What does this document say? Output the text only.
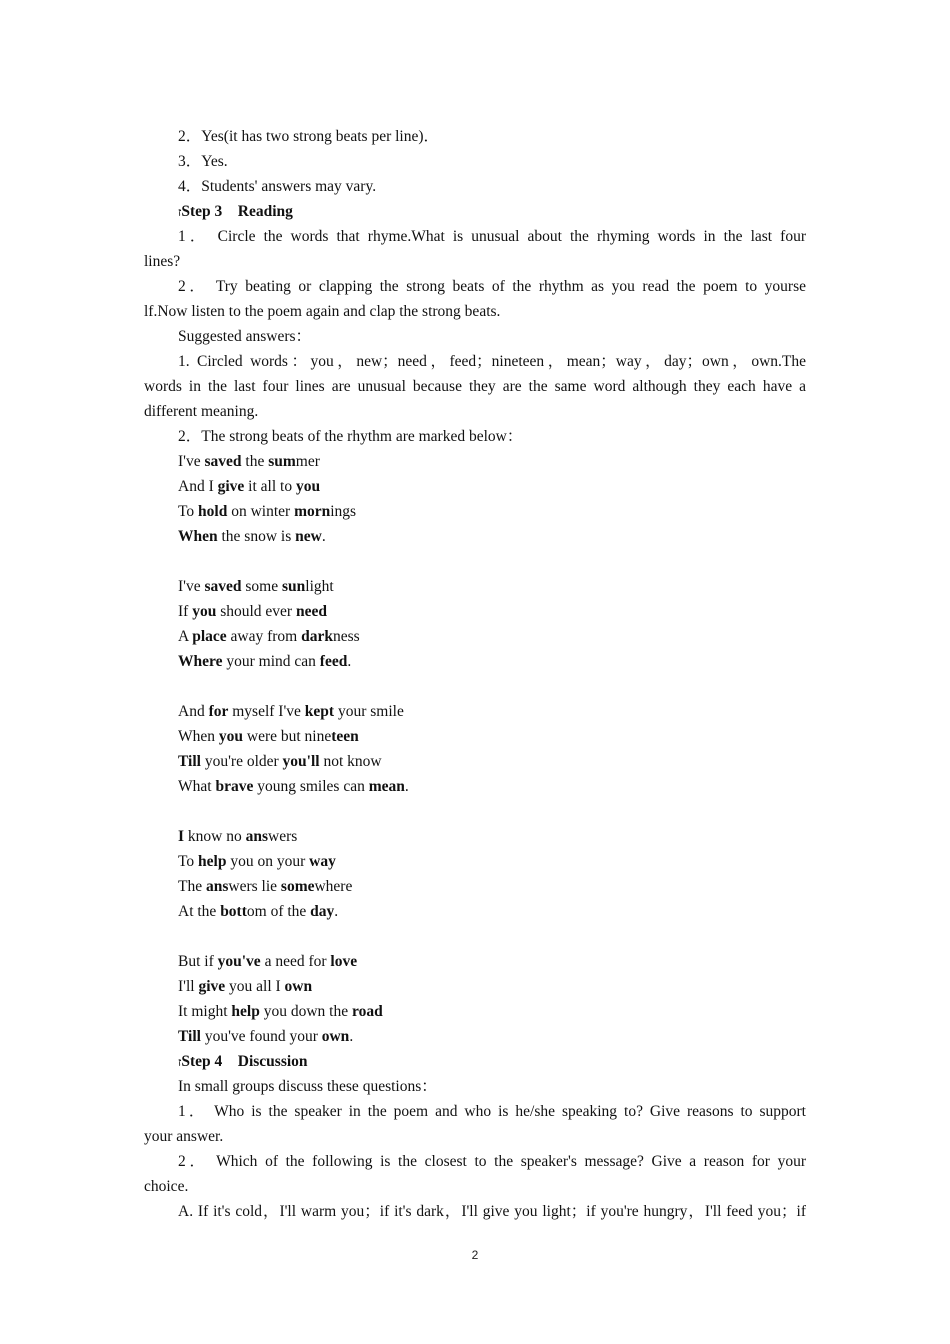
2．Yes(it has two strong beats per line)．
3．Yes.
4．Students' answers may vary.
זStep 3　Reading
1． Circle the words that rhyme.What is unusual about the rhyming words in the last four
lines?
2． Try beating or clapping the strong beats of the rhythm as you read the poem to yourse
lf.Now listen to the poem again and clap the strong beats.
Suggested answers：
1. Circled words：you，new；need，feed；nineteen，mean；way，day；own，own.The
words in the last four lines are unusual because they are the same word although they each have a
different meaning.
2．The strong beats of the rhythm are marked below：
I've saved the summer
And I give it all to you
To hold on winter mornings
When the snow is new.
I've saved some sunlight
If you should ever need
A place away from darkness
Where your mind can feed.
And for myself I've kept your smile
When you were but nineteen
Till you're older you'll not know
What brave young smiles can mean.
I know no answers
To help you on your way
The answers lie somewhere
At the bottom of the day.
But if you've a need for love
I'll give you all I own
It might help you down the road
Till you've found your own.
זStep 4　Discussion
In small groups discuss these questions：
1． Who is the speaker in the poem and who is he/she speaking to? Give reasons to support
your answer.
2． Which of the following is the closest to the speaker's message? Give a reason for your
choice.
A. If it's cold，I'll warm you；if it's dark，I'll give you light；if you're hungry，I'll feed you；if
2
